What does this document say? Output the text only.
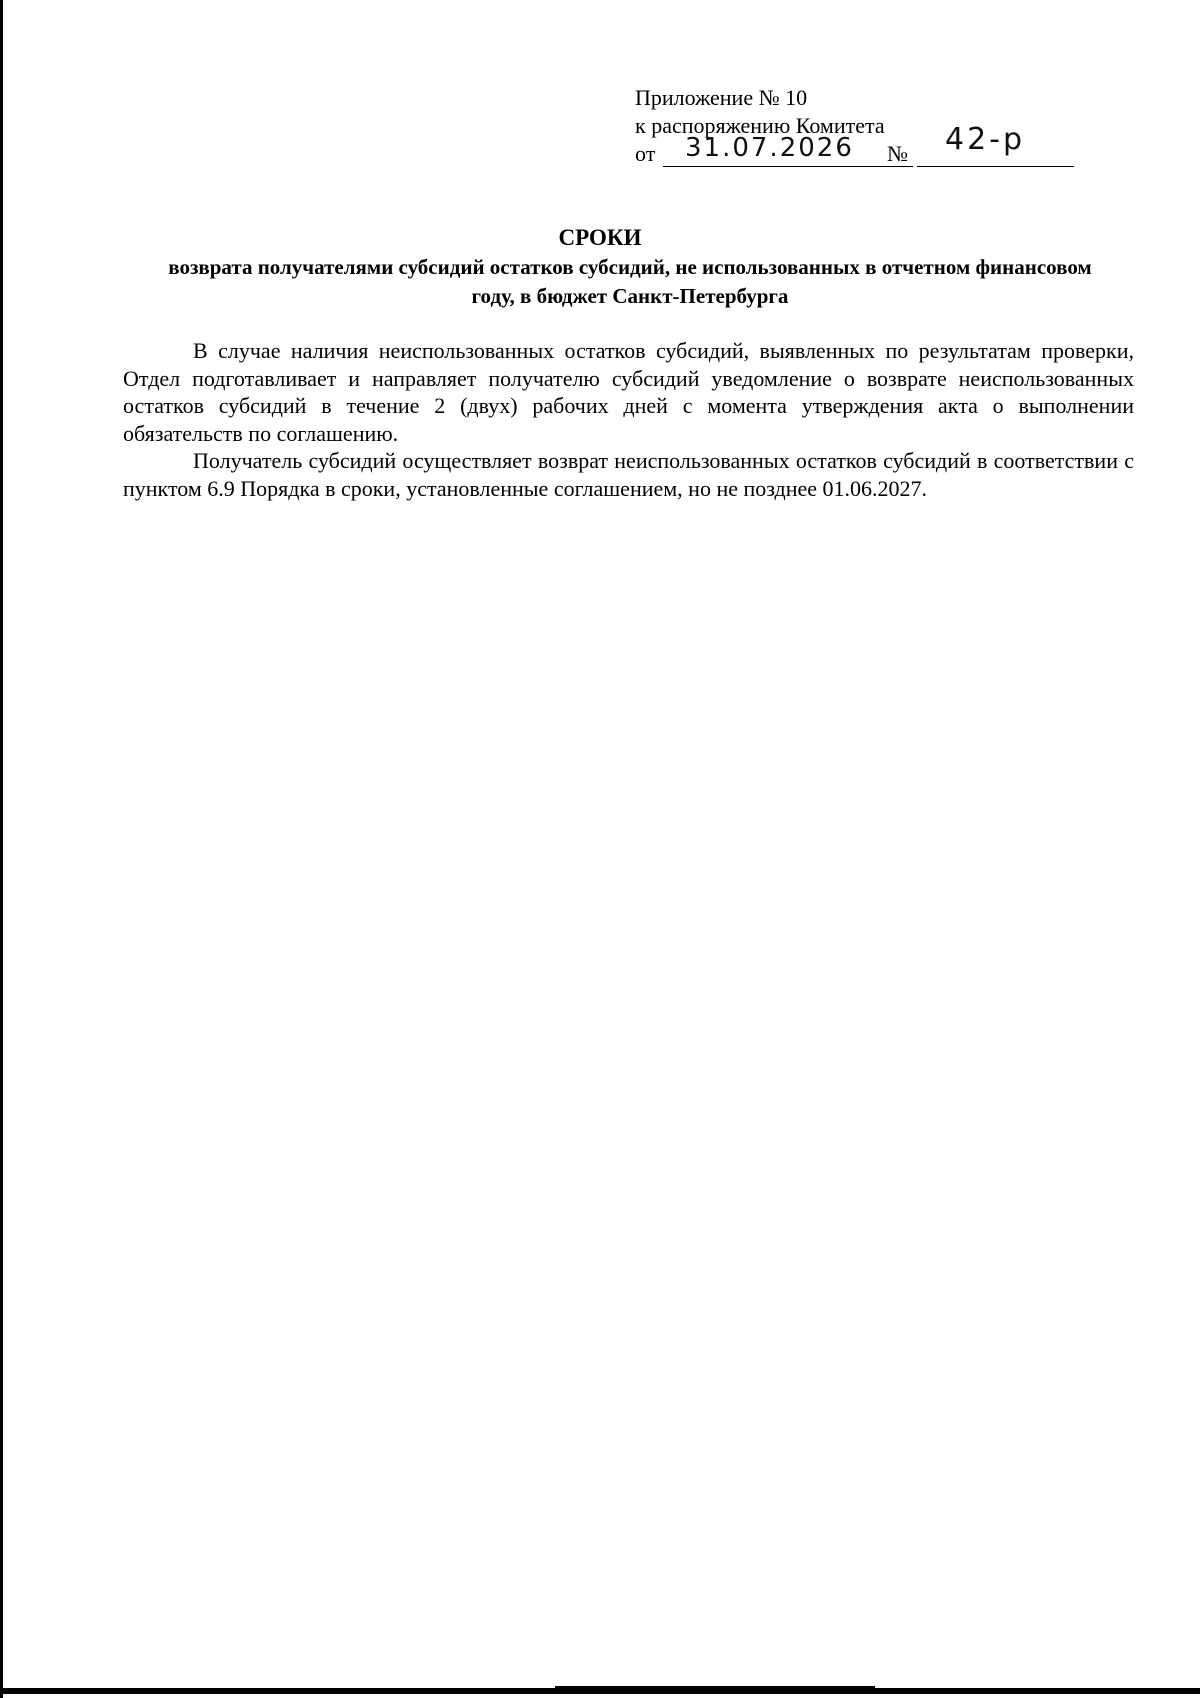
Приложение № 10
к распоряжению Комитета
от 31.07.2026 № 42-р
СРОКИ
возврата получателями субсидий остатков субсидий, не использованных в отчетном финансовом году, в бюджет Санкт-Петербурга

В случае наличия неиспользованных остатков субсидий, выявленных по результатам проверки, Отдел подготавливает и направляет получателю субсидий уведомление о возврате неиспользованных остатков субсидий в течение 2 (двух) рабочих дней с момента утверждения акта о выполнении обязательств по соглашению.

Получатель субсидий осуществляет возврат неиспользованных остатков субсидий в соответствии с пунктом 6.9 Порядка в сроки, установленные соглашением, но не позднее 01.06.2027.
